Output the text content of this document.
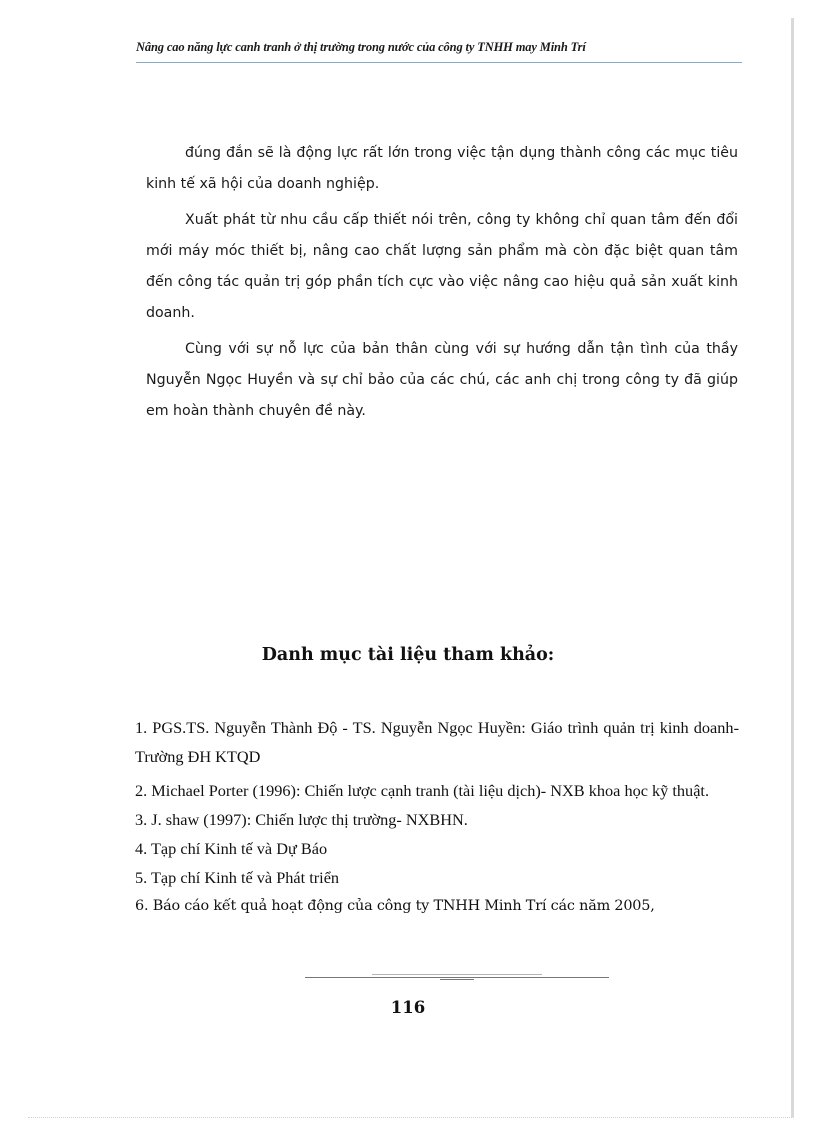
Nâng cao năng lực canh tranh ở thị trường trong nước của công ty TNHH may Minh Trí

đúng đắn sẽ là động lực rất lớn trong việc tận dụng thành công các mục tiêu kinh tế xã hội của doanh nghiệp.

Xuất phát từ nhu cầu cấp thiết nói trên, công ty không chỉ quan tâm đến đổi mới máy móc thiết bị, nâng cao chất lượng sản phẩm mà còn đặc biệt quan tâm đến công tác quản trị góp phần tích cực vào việc nâng cao hiệu quả sản xuất kinh doanh.

Cùng với sự nỗ lực của bản thân cùng với sự hướng dẫn tận tình của thầy Nguyễn Ngọc Huyền và sự chỉ bảo của các chú, các anh chị trong công ty đã giúp em hoàn thành chuyên đề này.

Danh mục tài liệu tham khảo:

1. PGS.TS. Nguyễn Thành Độ - TS. Nguyễn Ngọc Huyền: Giáo trình quản trị kinh doanh- Trường ĐH KTQD

2. Michael Porter (1996): Chiến lược cạnh tranh (tài liệu dịch)- NXB khoa học kỹ thuật.

3. J. shaw (1997): Chiến lược thị trường- NXBHN.

4. Tạp chí Kinh tế và Dự Báo

5. Tạp chí Kinh tế và Phát triển

6. Báo cáo kết quả hoạt động của công ty TNHH Minh Trí các năm 2005,

116
